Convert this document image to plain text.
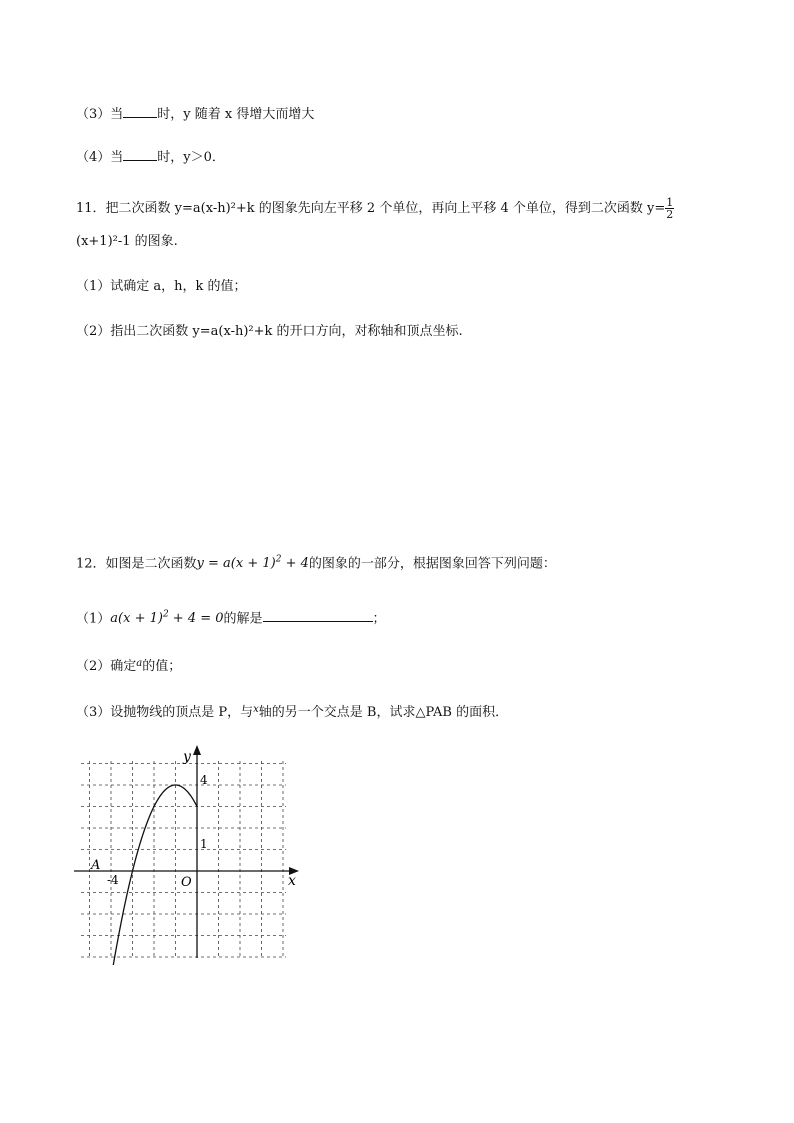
（3）当	时，y 随着 x 得增大而增大
（4）当	时，y＞0．
11．把二次函数 y=a(x-h)²+k 的图象先向左平移 2 个单位，再向上平移 4 个单位，得到二次函数 $y= \frac{1}{2}$
(x+1)²-1 的图象.
（1）试确定 a，h，k 的值；
（2）指出二次函数 y=a(x-h)²+k 的开口方向，对称轴和顶点坐标.
12．如图是二次函数$y = a(x + 1)^2 + 4$的图象的一部分，根据图象回答下列问题：
$(1)a(x + 1)^2 + 4 = 0$的解是	；
（2）确定$^a$的值；
（3）设抛物线的顶点是 P，与$^x$轴的另一个交点是 B，试求△PAB 的面积．
y
x
O
A
4
1
-4
